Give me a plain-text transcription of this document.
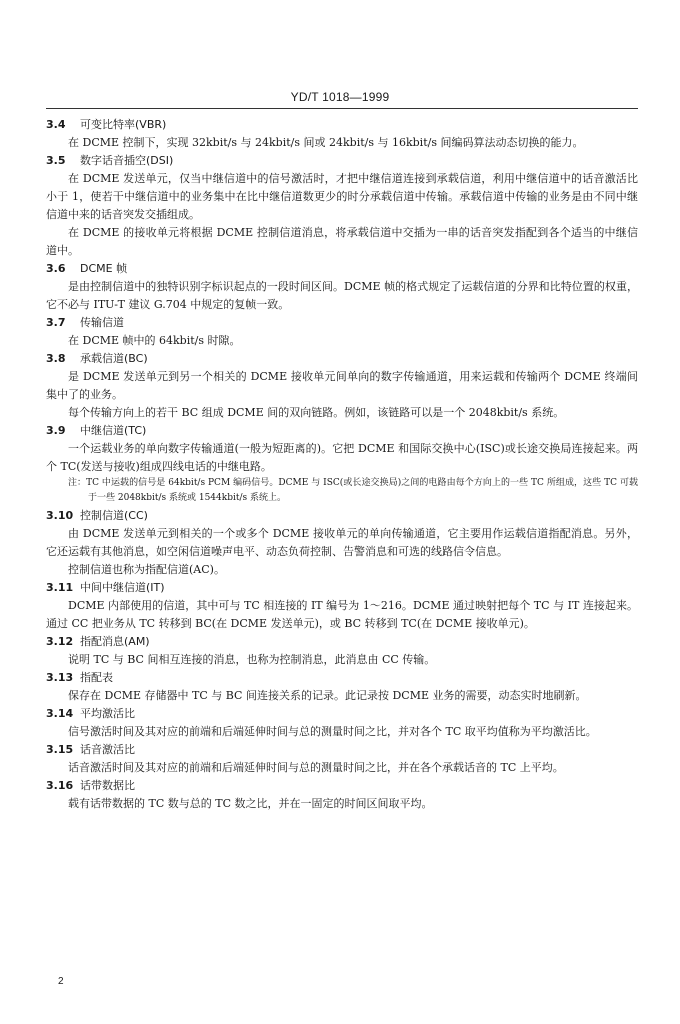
YD/T 1018—1999
3.4 可变比特率(VBR)

在 DCME 控制下，实现 32kbit/s 与 24kbit/s 间或 24kbit/s 与 16kbit/s 间编码算法动态切换的能力。

3.5 数字话音插空(DSI)

在 DCME 发送单元，仅当中继信道中的信号激活时，才把中继信道连接到承载信道，利用中继信道中的话音激活比小于 1，使若干中继信道中的业务集中在比中继信道数更少的时分承载信道中传输。承载信道中传输的业务是由不同中继信道中来的话音突发交插组成。

在 DCME 的接收单元将根据 DCME 控制信道消息，将承载信道中交插为一串的话音突发指配到各个适当的中继信道中。

3.6 DCME 帧

是由控制信道中的独特识别字标识起点的一段时间区间。DCME 帧的格式规定了运载信道的分界和比特位置的权重，它不必与 ITU-T 建议 G.704 中规定的复帧一致。

3.7 传输信道

在 DCME 帧中的 64kbit/s 时隙。

3.8 承载信道(BC)

是 DCME 发送单元到另一个相关的 DCME 接收单元间单向的数字传输通道，用来运载和传输两个 DCME 终端间集中了的业务。

每个传输方向上的若干 BC 组成 DCME 间的双向链路。例如，该链路可以是一个 2048kbit/s 系统。

3.9 中继信道(TC)

一个运载业务的单向数字传输通道(一般为短距离的)。它把 DCME 和国际交换中心(ISC)或长途交换局连接起来。两个 TC(发送与接收)组成四线电话的中继电路。

注：TC 中运载的信号是 64kbit/s PCM 编码信号。DCME 与 ISC(或长途交换局)之间的电路由每个方向上的一些 TC 所组成，这些 TC 可载于一些 2048kbit/s 系统或 1544kbit/s 系统上。

3.10 控制信道(CC)

由 DCME 发送单元到相关的一个或多个 DCME 接收单元的单向传输通道，它主要用作运载信道指配消息。另外，它还运载有其他消息，如空闲信道噪声电平、动态负荷控制、告警消息和可选的线路信令信息。

控制信道也称为指配信道(AC)。

3.11 中间中继信道(IT)

DCME 内部使用的信道，其中可与 TC 相连接的 IT 编号为 1～216。DCME 通过映射把每个 TC 与 IT 连接起来。通过 CC 把业务从 TC 转移到 BC(在 DCME 发送单元)，或 BC 转移到 TC(在 DCME 接收单元)。

3.12 指配消息(AM)

说明 TC 与 BC 间相互连接的消息，也称为控制消息，此消息由 CC 传输。

3.13 指配表

保存在 DCME 存储器中 TC 与 BC 间连接关系的记录。此记录按 DCME 业务的需要，动态实时地刷新。

3.14 平均激活比

信号激活时间及其对应的前端和后端延伸时间与总的测量时间之比，并对各个 TC 取平均值称为平均激活比。

3.15 话音激活比

话音激活时间及其对应的前端和后端延伸时间与总的测量时间之比，并在各个承载话音的 TC 上平均。

3.16 话带数据比

载有话带数据的 TC 数与总的 TC 数之比，并在一固定的时间区间取平均。

2
